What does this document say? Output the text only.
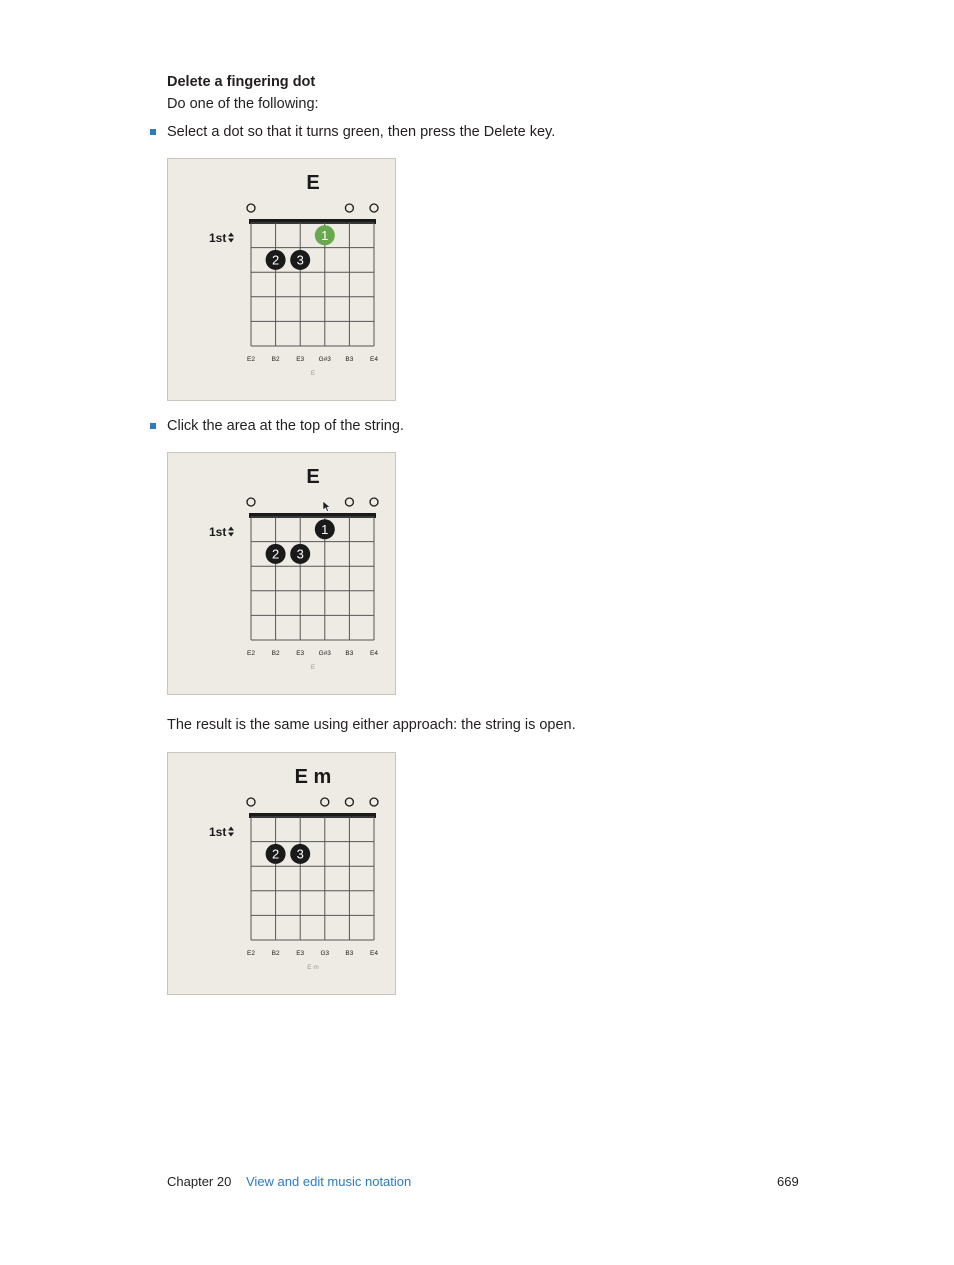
Delete a fingering dot
Do one of the following:
Select a dot so that it turns green, then press the Delete key.
E
1st	1
2 3
E2	B2	E3 G#3 B3	E4
E
Click the area at the top of the string.
E
1st	1
2 3
E2	B2	E3 G#3 B3	E4
E
The result is the same using either approach: the string is open.
E m
1st
2 3
E2	B2	E3	G3	B3	E4
E m
Chapter 20 View and edit music notation	669
